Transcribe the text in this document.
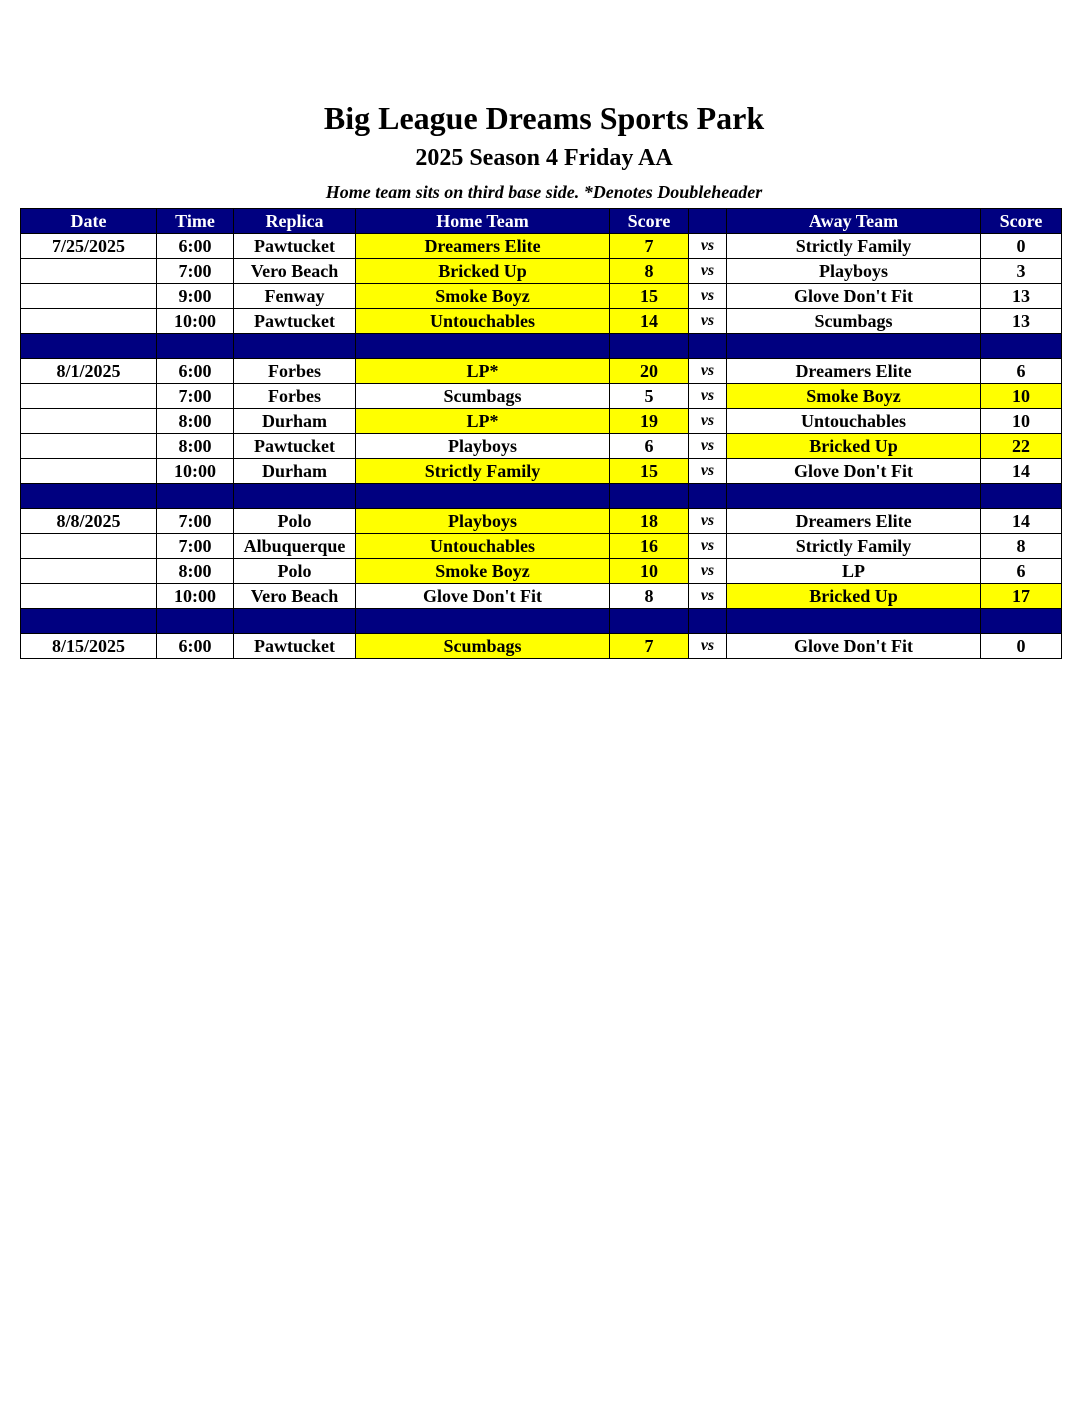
Big League Dreams Sports Park
2025 Season 4 Friday AA
Home team sits on third base side. *Denotes Doubleheader
Date	Time	Replica	Home Team	Score		Away Team	Score
7/25/2025	6:00	Pawtucket	Dreamers Elite	7	vs	Strictly Family	0
	7:00	Vero Beach	Bricked Up	8	vs	Playboys	3
	9:00	Fenway	Smoke Boyz	15	vs	Glove Don't Fit	13
	10:00	Pawtucket	Untouchables	14	vs	Scumbags	13

8/1/2025	6:00	Forbes	LP*	20	vs	Dreamers Elite	6
	7:00	Forbes	Scumbags	5	vs	Smoke Boyz	10
	8:00	Durham	LP*	19	vs	Untouchables	10
	8:00	Pawtucket	Playboys	6	vs	Bricked Up	22
	10:00	Durham	Strictly Family	15	vs	Glove Don't Fit	14

8/8/2025	7:00	Polo	Playboys	18	vs	Dreamers Elite	14
	7:00	Albuquerque	Untouchables	16	vs	Strictly Family	8
	8:00	Polo	Smoke Boyz	10	vs	LP	6
	10:00	Vero Beach	Glove Don't Fit	8	vs	Bricked Up	17

8/15/2025	6:00	Pawtucket	Scumbags	7	vs	Glove Don't Fit	0
